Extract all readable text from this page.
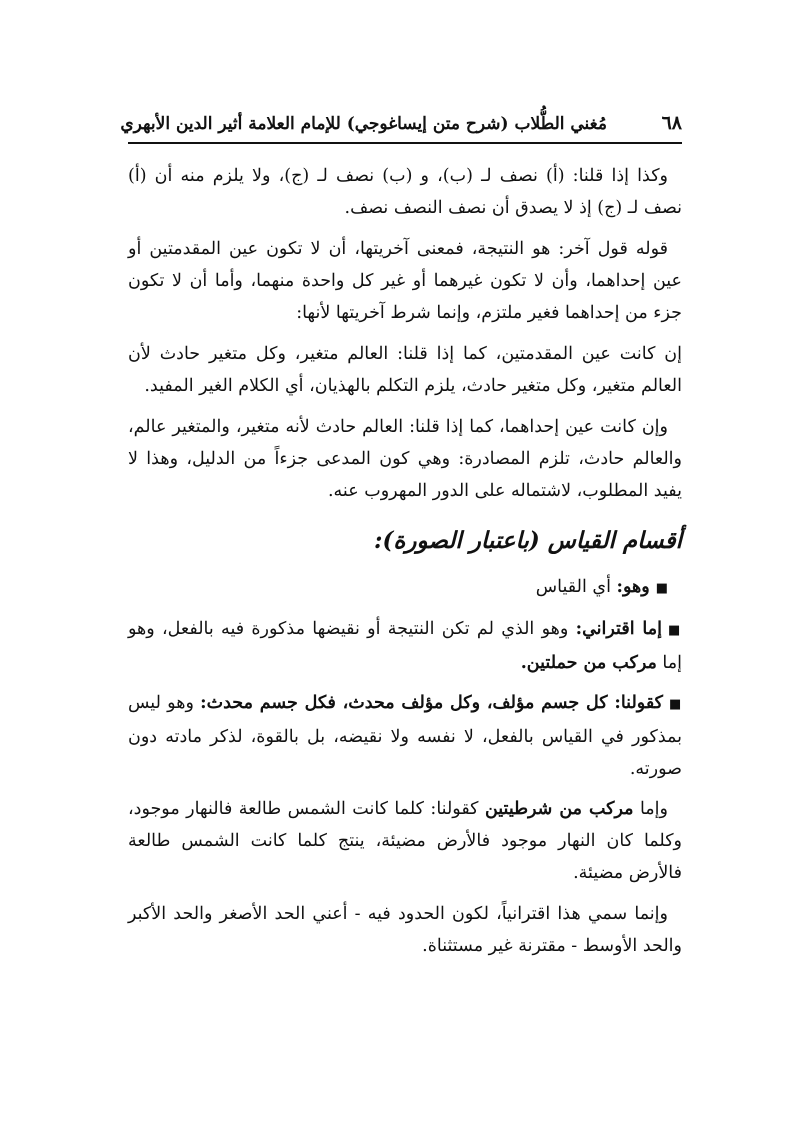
٦٨
مُغني الطُّلاب (شرح متن إيساغوجي) للإمام العلامة أثير الدين الأبهري

وكذا إذا قلنا: (أ) نصف لـ (ب)، و (ب) نصف لـ (ج)، ولا يلزم منه أن (أ) نصف لـ (ج) إذ لا يصدق أن نصف النصف نصف.

قوله قول آخر: هو النتيجة، فمعنى آخريتها، أن لا تكون عين المقدمتين أو عين إحداهما، وأن لا تكون غيرهما أو غير كل واحدة منهما، وأما أن لا تكون جزء من إحداهما فغير ملتزم، وإنما شرط آخريتها لأنها:

إن كانت عين المقدمتين، كما إذا قلنا: العالم متغير، وكل متغير حادث لأن العالم متغير، وكل متغير حادث، يلزم التكلم بالهذيان، أي الكلام الغير المفيد.

وإن كانت عين إحداهما، كما إذا قلنا: العالم حادث لأنه متغير، والمتغير عالم، والعالم حادث، تلزم المصادرة: وهي كون المدعى جزءاً من الدليل، وهذا لا يفيد المطلوب، لاشتماله على الدور المهروب عنه.

أقسام القياس (باعتبار الصورة):

■وهو: أي القياس

■إما اقتراني: وهو الذي لم تكن النتيجة أو نقيضها مذكورة فيه بالفعل، وهو إما مركب من حملتين.

■كقولنا: كل جسم مؤلف، وكل مؤلف محدث، فكل جسم محدث: وهو ليس بمذكور في القياس بالفعل، لا نفسه ولا نقيضه، بل بالقوة، لذكر مادته دون صورته.

وإما مركب من شرطيتين كقولنا: كلما كانت الشمس طالعة فالنهار موجود، وكلما كان النهار موجود فالأرض مضيئة، ينتج كلما كانت الشمس طالعة فالأرض مضيئة.

وإنما سمي هذا اقترانياً، لكون الحدود فيه - أعني الحد الأصغر والحد الأكبر والحد الأوسط - مقترنة غير مستثناة.
